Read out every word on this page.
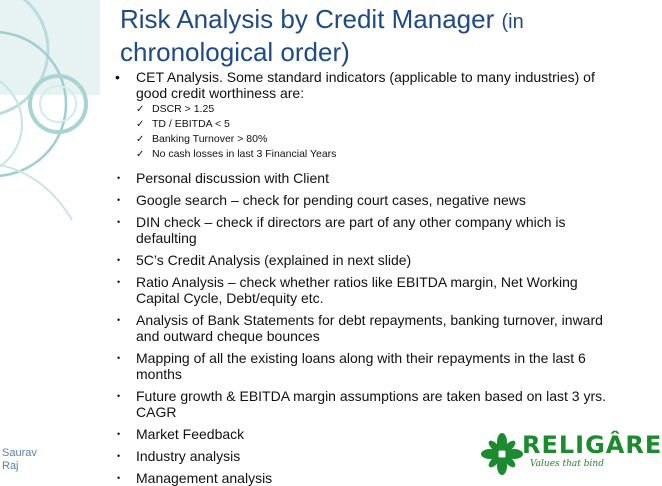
Risk Analysis by Credit Manager (in
chronological order)
• CET Analysis. Some standard indicators (applicable to many industries) of good credit worthiness are:
✓ DSCR > 1.25
✓ TD / EBITDA < 5
✓ Banking Turnover > 80%
✓ No cash losses in last 3 Financial Years
• Personal discussion with Client
• Google search – check for pending court cases, negative news
• DIN check – check if directors are part of any other company which is defaulting
• 5C’s Credit Analysis (explained in next slide)
• Ratio Analysis – check whether ratios like EBITDA margin, Net Working Capital Cycle, Debt/equity etc.
• Analysis of Bank Statements for debt repayments, banking turnover, inward and outward cheque bounces
• Mapping of all the existing loans along with their repayments in the last 6 months
• Future growth & EBITDA margin assumptions are taken based on last 3 yrs. CAGR
• Market Feedback
• Industry analysis
• Management analysis
Saurav
Raj
RELIGÂRE
Values that bind
